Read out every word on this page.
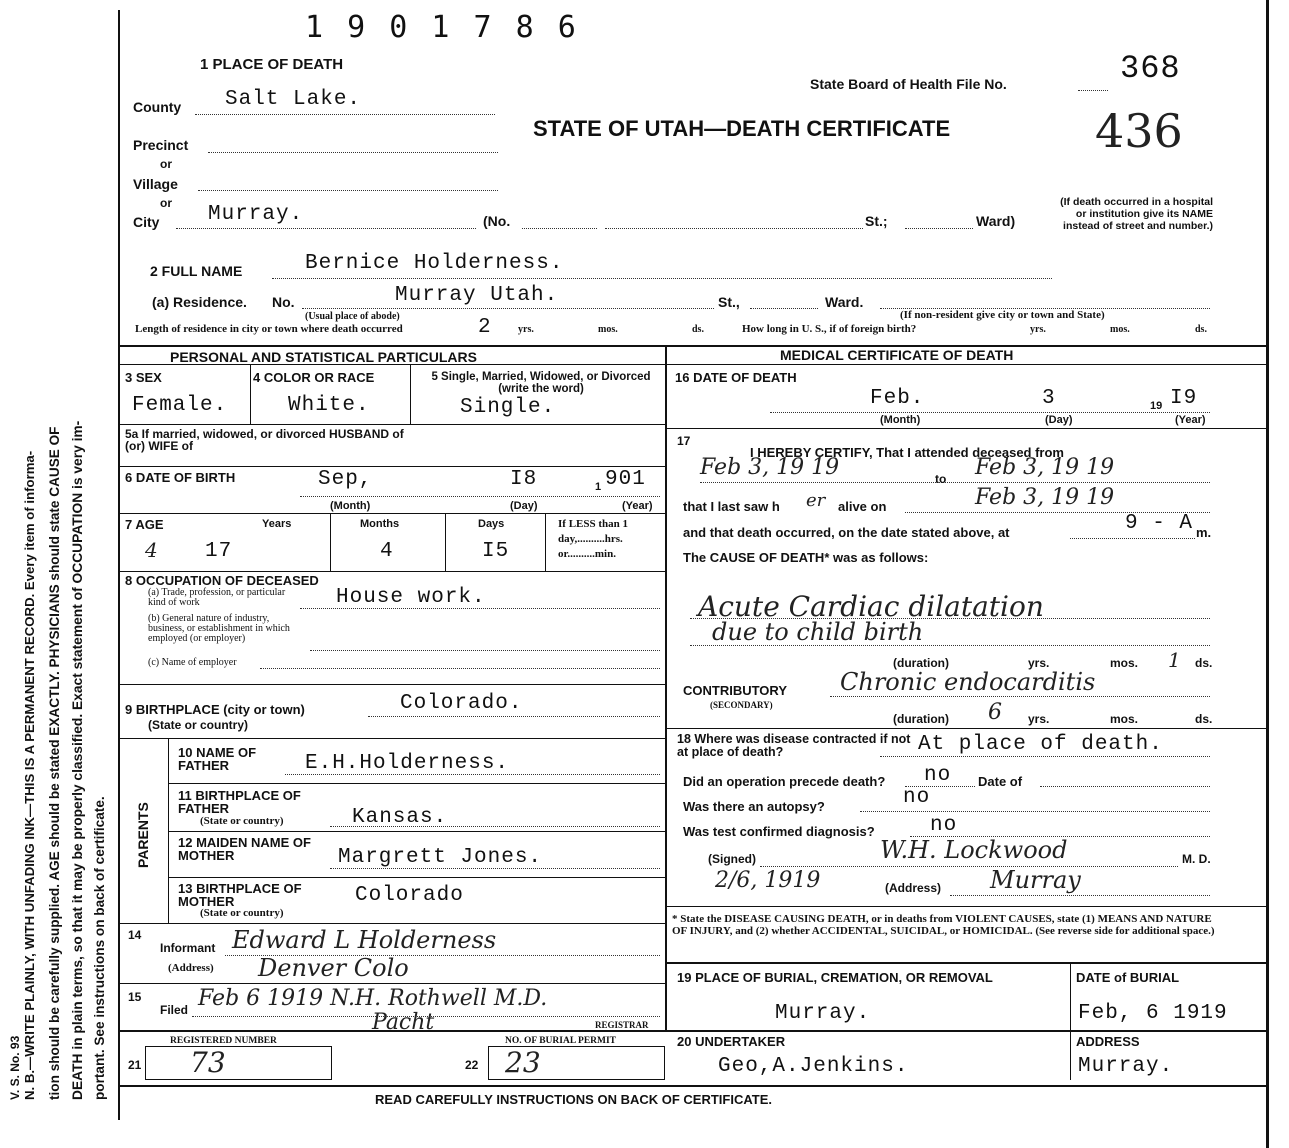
V. S. No. 93 N. B.—WRITE PLAINLY, WITH UNFADING INK—THIS IS A PERMANENT RECORD. Every item of informa- tion should be carefully supplied. AGE should be stated EXACTLY. PHYSICIANS should state CAUSE OF DEATH in plain terms, so that it may be properly classified. Exact statement of OCCUPATION is very im- portant. See instructions on back of certificate.
1 9 0 1 7 8 6
1 PLACE OF DEATH
State Board of Health File No.	368
STATE OF UTAH—DEATH CERTIFICATE	436
County Salt Lake.
Precinct
or
Village
or
City Murray.	(No.	St.;	Ward)
(If death occurred in a hospital or institution give its NAME instead of street and number.)
2 FULL NAME	Bernice Holderness.
(a) Residence. No.	Murray Utah.
(Usual place of abode)
St.,	Ward.
(If non-resident give city or town and State)
Length of residence in city or town where death occurred	2	yrs.	mos.	ds.	How long in U. S., if of foreign birth?	yrs.	mos.	ds.
PERSONAL AND STATISTICAL PARTICULARS
3 SEX
Female.
4 COLOR OR RACE
White.
5 Single, Married, Widowed, or Divorced (write the word)
Single.
5a If married, widowed, or divorced HUSBAND of (or) WIFE of
6 DATE OF BIRTH	Sep,	I8	1 901
(Month)	(Day)	(Year)
7 AGE	Years	Months	Days
4 17	4	I5
If LESS than 1 day,..........hrs. or..........min.
8 OCCUPATION OF DECEASED
(a) Trade, profession, or particular kind of work
(b) General nature of industry, business, or establishment in which employed (or employer)
(c) Name of employer
House work.
9 BIRTHPLACE (city or town)
(State or country)
Colorado.
PARENTS
10 NAME OF FATHER	E.H.Holderness.
11 BIRTHPLACE OF FATHER
(State or country)	Kansas.
12 MAIDEN NAME OF MOTHER	Margrett Jones.
13 BIRTHPLACE OF MOTHER
(State or country)
Colorado
14
Informant Edward L Holderness
(Address) Denver Colo
15
Filed Feb 6 1919 N.H. Rothwell M.D.
REGISTRAR
Pacht
21
REGISTERED NUMBER
73	22
NO. OF BURIAL PERMIT
23
MEDICAL CERTIFICATE OF DEATH
16 DATE OF DEATH
Feb.	3	19 I9
(Month)	(Day)	(Year)
17
I HEREBY CERTIFY, That I attended deceased from
Feb 3, 19 19	to Feb 3, 19 19
that I last saw h er alive on	Feb 3, 19 19
and that death occurred, on the date stated above, at	9 - A m.
The CAUSE OF DEATH* was as follows:
Acute Cardiac dilatation
due to child birth
(duration)	yrs.	mos. 1 ds.
CONTRIBUTORY
(SECONDARY)
Chronic endocarditis
(duration) 6 yrs.	mos.	ds.
18 Where was disease contracted if not at place of death?	At place of death.
Did an operation precede death? no Date of
Was there an autopsy?	no
Was test confirmed diagnosis?	no
(Signed)	W.H. Lockwood	M. D.
2/6, 1919	(Address) Murray
* State the DISEASE CAUSING DEATH, or in deaths from VIOLENT CAUSES, state (1) MEANS AND NATURE OF INJURY, and (2) whether ACCIDENTAL, SUICIDAL, or HOMICIDAL. (See reverse side for additional space.)
19 PLACE OF BURIAL, CREMATION, OR REMOVAL
Murray.
DATE of BURIAL
Feb, 6 1919
20 UNDERTAKER
Geo,A.Jenkins.
ADDRESS
Murray.
READ CAREFULLY INSTRUCTIONS ON BACK OF CERTIFICATE.
